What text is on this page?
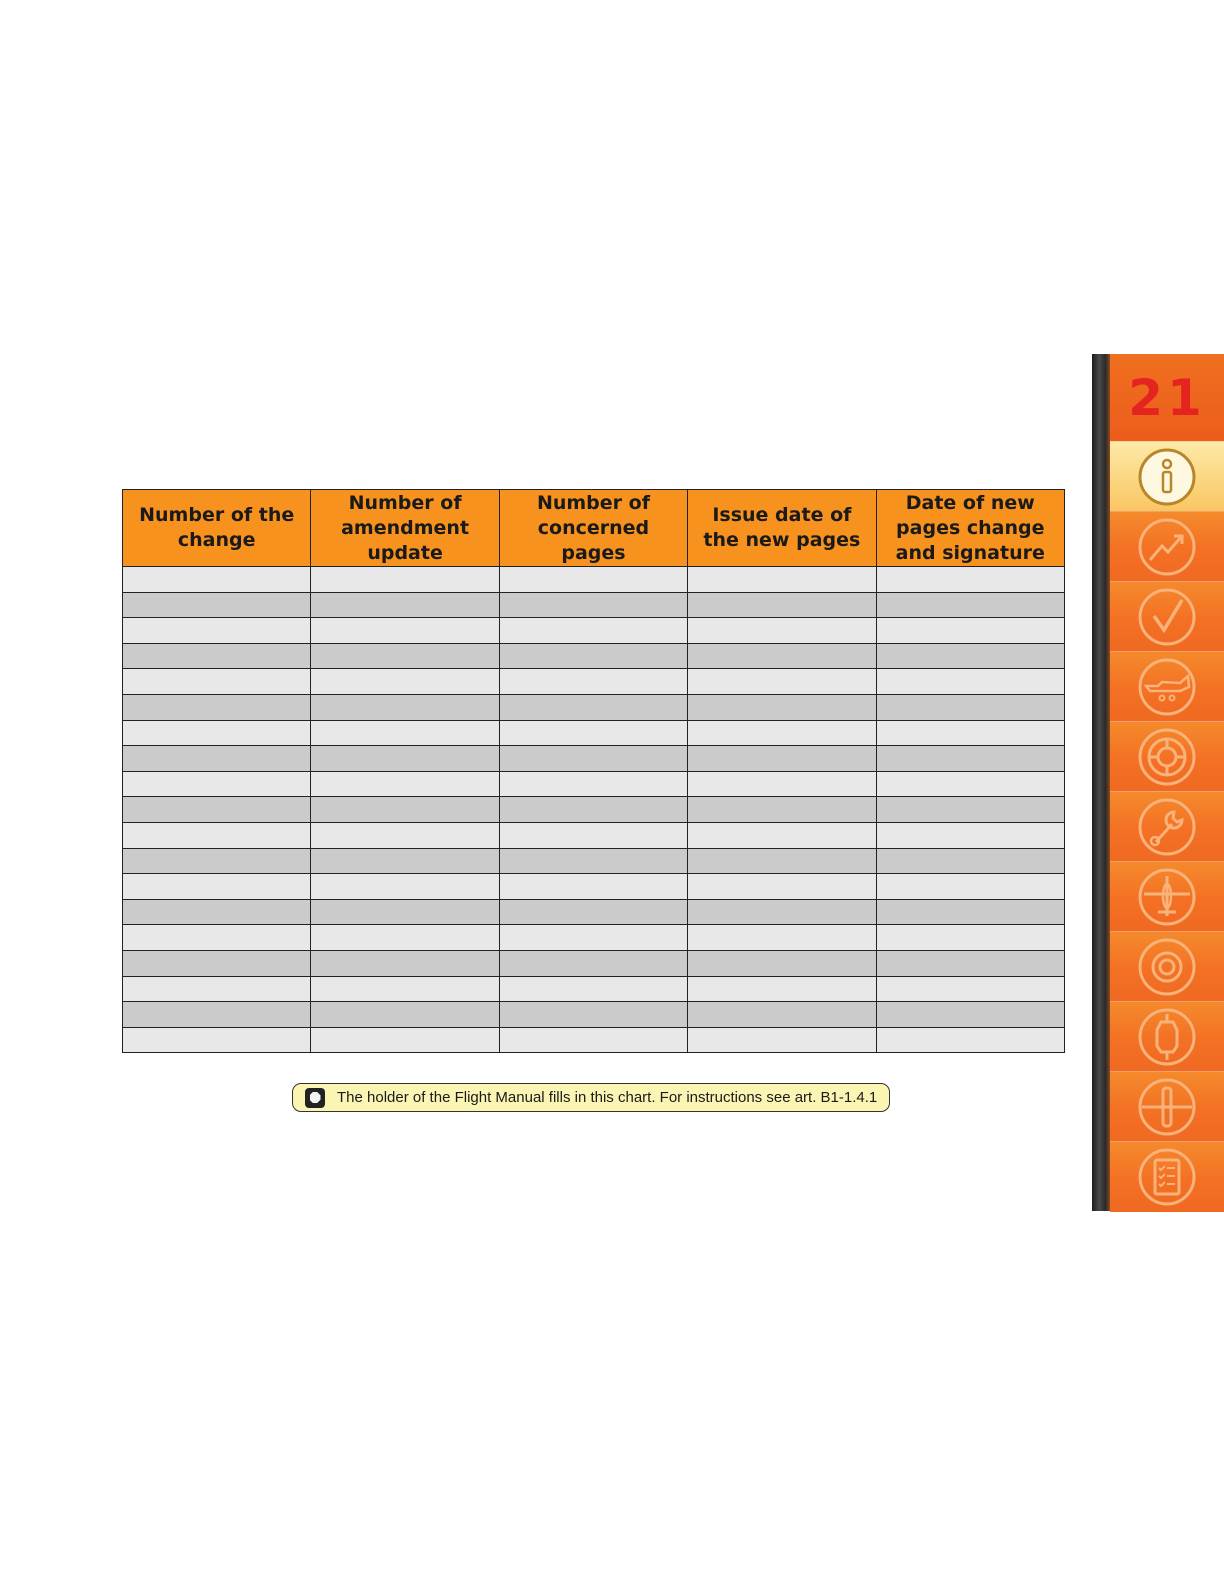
Number of the change	Number of amendment update	Number of concerned pages	Issue date of the new pages	Date of new pages change and signature

The holder of the Flight Manual fills in this chart. For instructions see art. B1-1.4.1
21
